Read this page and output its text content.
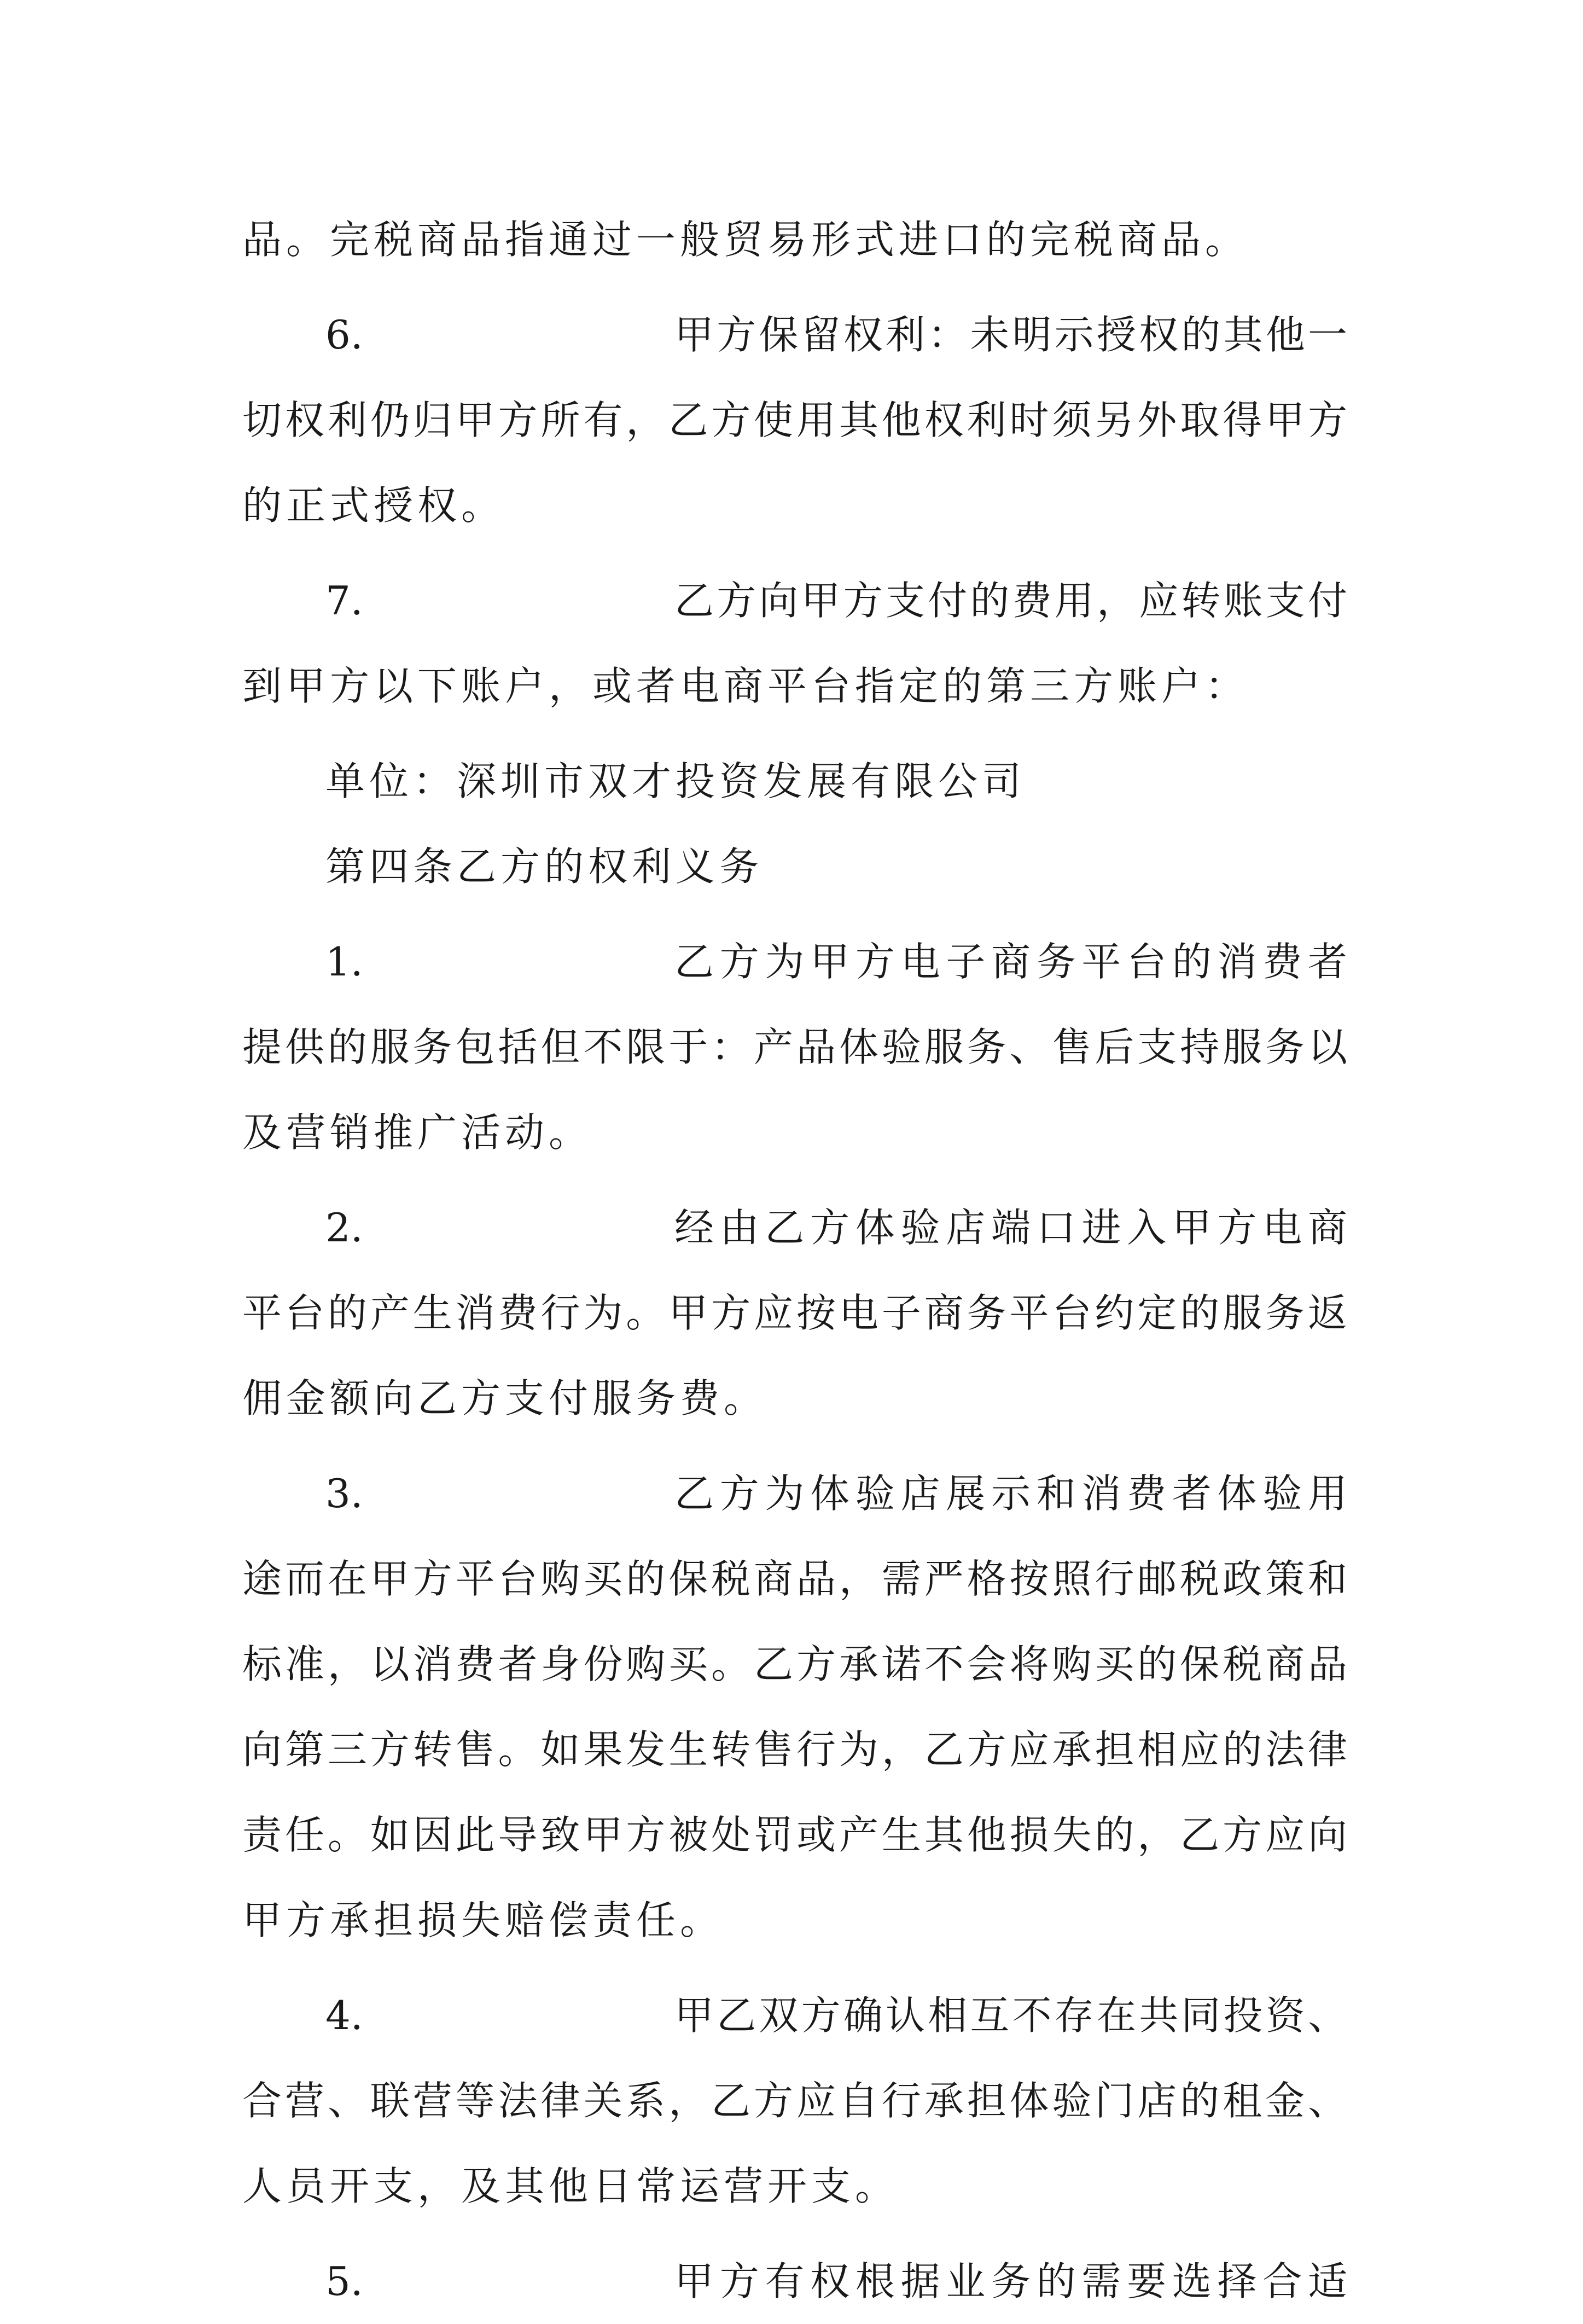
品。完税商品指通过一般贸易形式进口的完税商品。
6.	甲方保留权利：未明示授权的其他一
切权利仍归甲方所有，乙方使用其他权利时须另外取得甲方
的正式授权。
7.	乙方向甲方支付的费用，应转账支付
到甲方以下账户，或者电商平台指定的第三方账户：
单位：深圳市双才投资发展有限公司
第四条乙方的权利义务
1.	乙方为甲方电子商务平台的消费者
提供的服务包括但不限于：产品体验服务、售后支持服务以
及营销推广活动。
2.	经由乙方体验店端口进入甲方电商
平台的产生消费行为。甲方应按电子商务平台约定的服务返
佣金额向乙方支付服务费。
3.	乙方为体验店展示和消费者体验用
途而在甲方平台购买的保税商品，需严格按照行邮税政策和
标准，以消费者身份购买。乙方承诺不会将购买的保税商品
向第三方转售。如果发生转售行为，乙方应承担相应的法律
责任。如因此导致甲方被处罚或产生其他损失的，乙方应向
甲方承担损失赔偿责任。
4.	甲乙双方确认相互不存在共同投资、
合营、联营等法律关系，乙方应自行承担体验门店的租金、
人员开支，及其他日常运营开支。
5.	甲方有权根据业务的需要选择合适
